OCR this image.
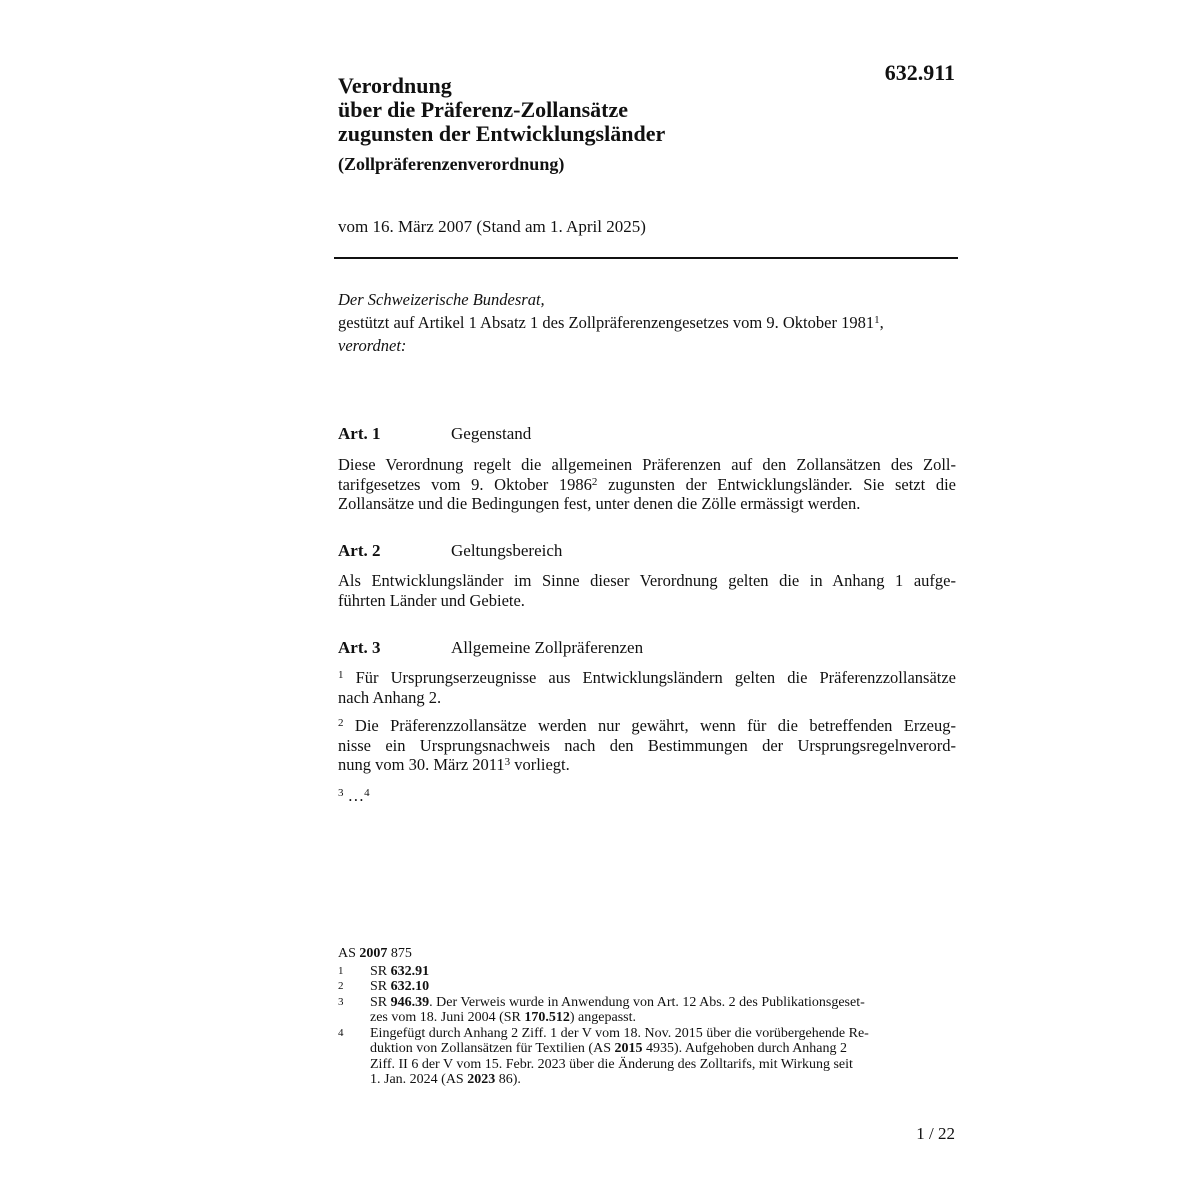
632.911
Verordnung
über die Präferenz-Zollansätze
zugunsten der Entwicklungsländer
(Zollpräferenzenverordnung)
vom 16. März 2007 (Stand am 1. April 2025)
Der Schweizerische Bundesrat,
gestützt auf Artikel 1 Absatz 1 des Zollpräferenzengesetzes vom 9. Oktober 1981$^1$,
verordnet:
Art. 1	Gegenstand
Diese Verordnung regelt die allgemeinen Präferenzen auf den Zollansätzen des Zoll-
tarifgesetzes vom 9. Oktober 1986$^2$ zugunsten der Entwicklungsländer. Sie setzt die
Zollansätze und die Bedingungen fest, unter denen die Zölle ermässigt werden.
Art. 2	Geltungsbereich
Als Entwicklungsländer im Sinne dieser Verordnung gelten die in Anhang 1 aufge-
führten Länder und Gebiete.
Art. 3	Allgemeine Zollpräferenzen
$^1$ Für Ursprungserzeugnisse aus Entwicklungsländern gelten die Präferenzzollansätze
nach Anhang 2.
$^2$ Die Präferenzzollansätze werden nur gewährt, wenn für die betreffenden Erzeug-
nisse ein Ursprungsnachweis nach den Bestimmungen der Ursprungsregelnverord-
nung vom 30. März 2011$^3$ vorliegt.
$^3$ …$^4$
AS 2007 875
1 SR 632.91
2 SR 632.10
3 SR 946.39. Der Verweis wurde in Anwendung von Art. 12 Abs. 2 des Publikationsgeset-
zes vom 18. Juni 2004 (SR 170.512) angepasst.
4 Eingefügt durch Anhang 2 Ziff. 1 der V vom 18. Nov. 2015 über die vorübergehende Re-
duktion von Zollansätzen für Textilien (AS 2015 4935). Aufgehoben durch Anhang 2
Ziff. II 6 der V vom 15. Febr. 2023 über die Änderung des Zolltarifs, mit Wirkung seit
1. Jan. 2024 (AS 2023 86).
1 / 22
